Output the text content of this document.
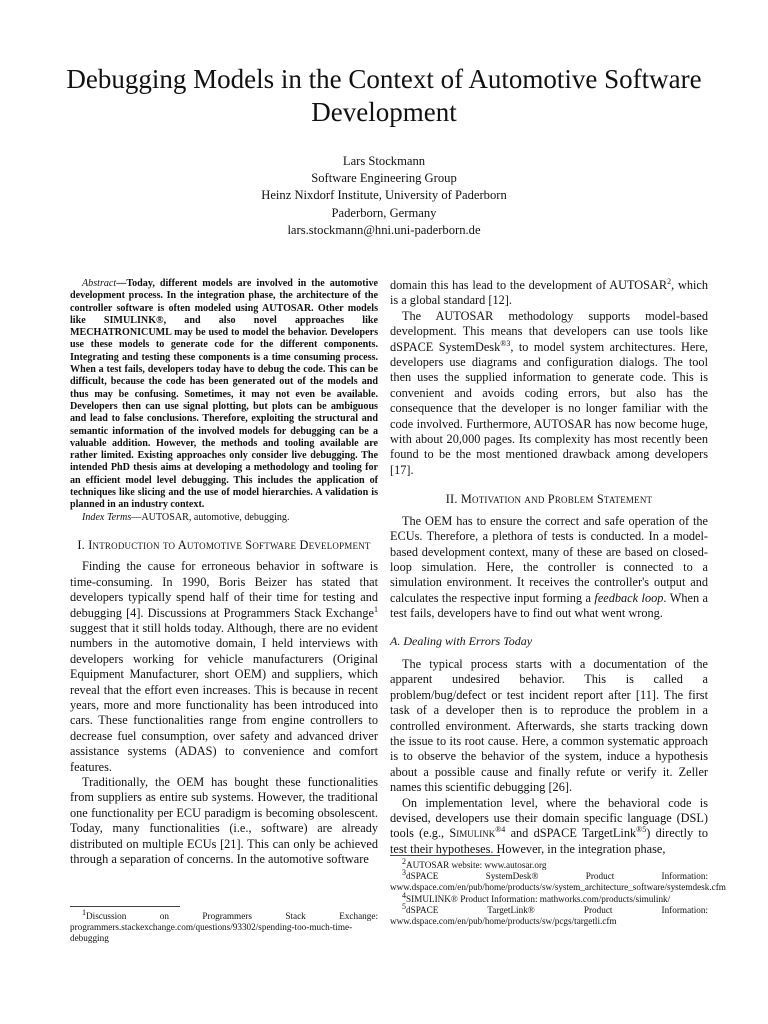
Debugging Models in the Context of Automotive Software Development
Lars Stockmann
Software Engineering Group
Heinz Nixdorf Institute, University of Paderborn
Paderborn, Germany
lars.stockmann@hni.uni-paderborn.de

Abstract—Today, different models are involved in the automotive development process. In the integration phase, the architecture of the controller software is often modeled using AUTOSAR. Other models like SIMULINK®, and also novel approaches like MECHATRONICUML may be used to model the behavior. Developers use these models to generate code for the different components. Integrating and testing these components is a time consuming process. When a test fails, developers today have to debug the code. This can be difficult, because the code has been generated out of the models and thus may be confusing. Sometimes, it may not even be available. Developers then can use signal plotting, but plots can be ambiguous and lead to false conclusions. Therefore, exploiting the structural and semantic information of the involved models for debugging can be a valuable addition. However, the methods and tooling available are rather limited. Existing approaches only consider live debugging. The intended PhD thesis aims at developing a methodology and tooling for an efficient model level debugging. This includes the application of techniques like slicing and the use of model hierarchies. A validation is planned in an industry context.

Index Terms—AUTOSAR, automotive, debugging.

I. Introduction to Automotive Software Development

Finding the cause for erroneous behavior in software is time-consuming. In 1990, Boris Beizer has stated that developers typically spend half of their time for testing and debugging [4]. Discussions at Programmers Stack Exchange$^1$ suggest that it still holds today. Although, there are no evident numbers in the automotive domain, I held interviews with developers working for vehicle manufacturers (Original Equipment Manufacturer, short OEM) and suppliers, which reveal that the effort even increases. This is because in recent years, more and more functionality has been introduced into cars. These functionalities range from engine controllers to decrease fuel consumption, over safety and advanced driver assistance systems (ADAS) to convenience and comfort features.

Traditionally, the OEM has bought these functionalities from suppliers as entire sub systems. However, the traditional one functionality per ECU paradigm is becoming obsolescent. Today, many functionalities (i.e., software) are already distributed on multiple ECUs [21]. This can only be achieved through a separation of concerns. In the automotive software

$^1$Discussion on Programmers Stack Exchange: programmers.stackexchange.com/questions/93302/spending-too-much-time-debugging

domain this has lead to the development of AUTOSAR$^2$, which is a global standard [12].

The AUTOSAR methodology supports model-based development. This means that developers can use tools like dSPACE SystemDesk$^{®3}$, to model system architectures. Here, developers use diagrams and configuration dialogs. The tool then uses the supplied information to generate code. This is convenient and avoids coding errors, but also has the consequence that the developer is no longer familiar with the code involved. Furthermore, AUTOSAR has now become huge, with about 20,000 pages. Its complexity has most recently been found to be the most mentioned drawback among developers [17].

II. Motivation and Problem Statement

The OEM has to ensure the correct and safe operation of the ECUs. Therefore, a plethora of tests is conducted. In a model-based development context, many of these are based on closed-loop simulation. Here, the controller is connected to a simulation environment. It receives the controller's output and calculates the respective input forming a feedback loop. When a test fails, developers have to find out what went wrong.

A. Dealing with Errors Today

The typical process starts with a documentation of the apparent undesired behavior. This is called a problem/bug/defect or test incident report after [11]. The first task of a developer then is to reproduce the problem in a controlled environment. Afterwards, she starts tracking down the issue to its root cause. Here, a common systematic approach is to observe the behavior of the system, induce a hypothesis about a possible cause and finally refute or verify it. Zeller names this scientific debugging [26].

On implementation level, where the behavioral code is devised, developers use their domain specific language (DSL) tools (e.g., Simulink$^{®4}$ and dSPACE TargetLink$^{®5}$) directly to test their hypotheses. However, in the integration phase,

$^2$AUTOSAR website: www.autosar.org

$^3$dSPACE SystemDesk® Product Information: www.dspace.com/en/pub/home/products/sw/system_architecture_software/systemdesk.cfm

$^4$SIMULINK® Product Information: mathworks.com/products/simulink/

$^5$dSPACE TargetLink® Product Information: www.dspace.com/en/pub/home/products/sw/pcgs/targetli.cfm
